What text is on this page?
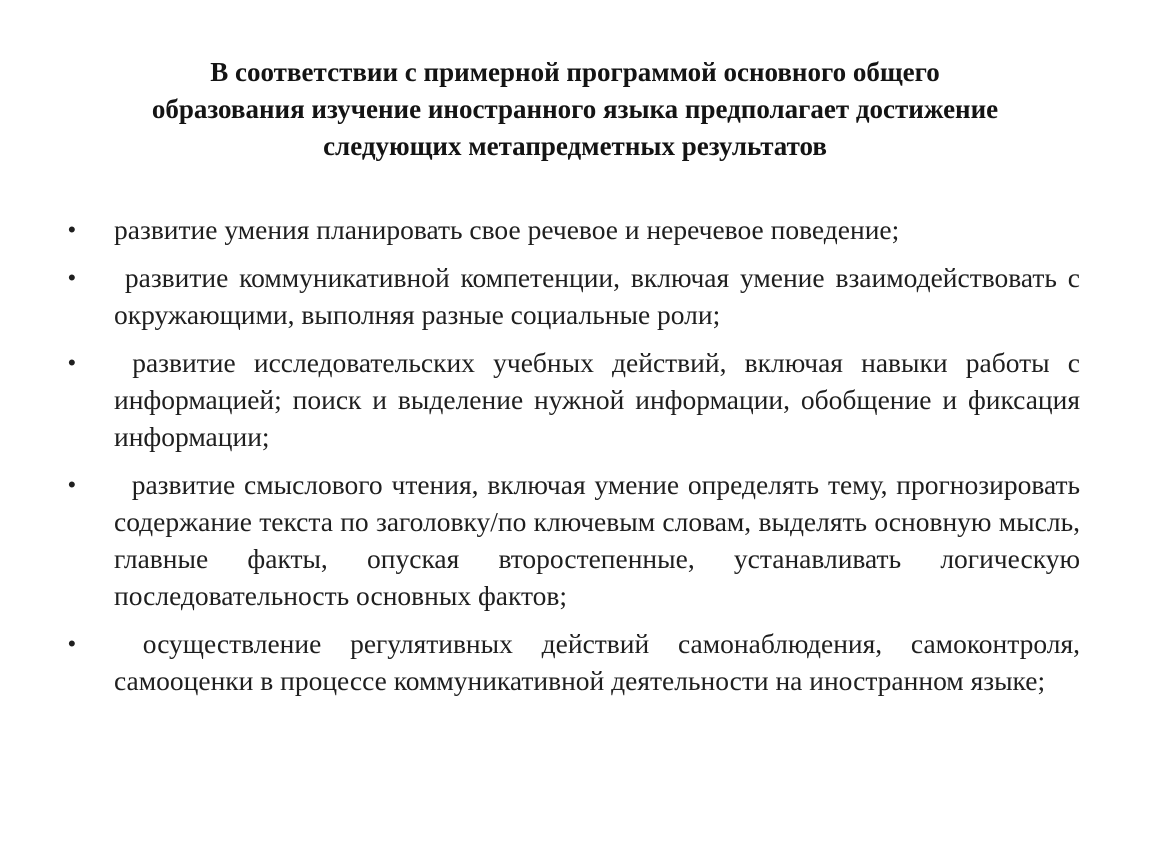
В соответствии с примерной программой основного общего
образования изучение иностранного языка предполагает достижение
следующих метапредметных результатов
• развитие умения планировать свое речевое и неречевое поведение;
• развитие коммуникативной компетенции, включая умение взаимодействовать с окружающими, выполняя разные социальные роли;
• развитие исследовательских учебных действий, включая навыки работы с информацией; поиск и выделение нужной информации, обобщение и фиксация информации;
• развитие смыслового чтения, включая умение определять тему, прогнозировать содержание текста по заголовку/по ключевым словам, выделять основную мысль, главные факты, опуская второстепенные, устанавливать логическую последовательность основных фактов;
• осуществление регулятивных действий самонаблюдения, самоконтроля, самооценки в процессе коммуникативной деятельности на иностранном языке;
